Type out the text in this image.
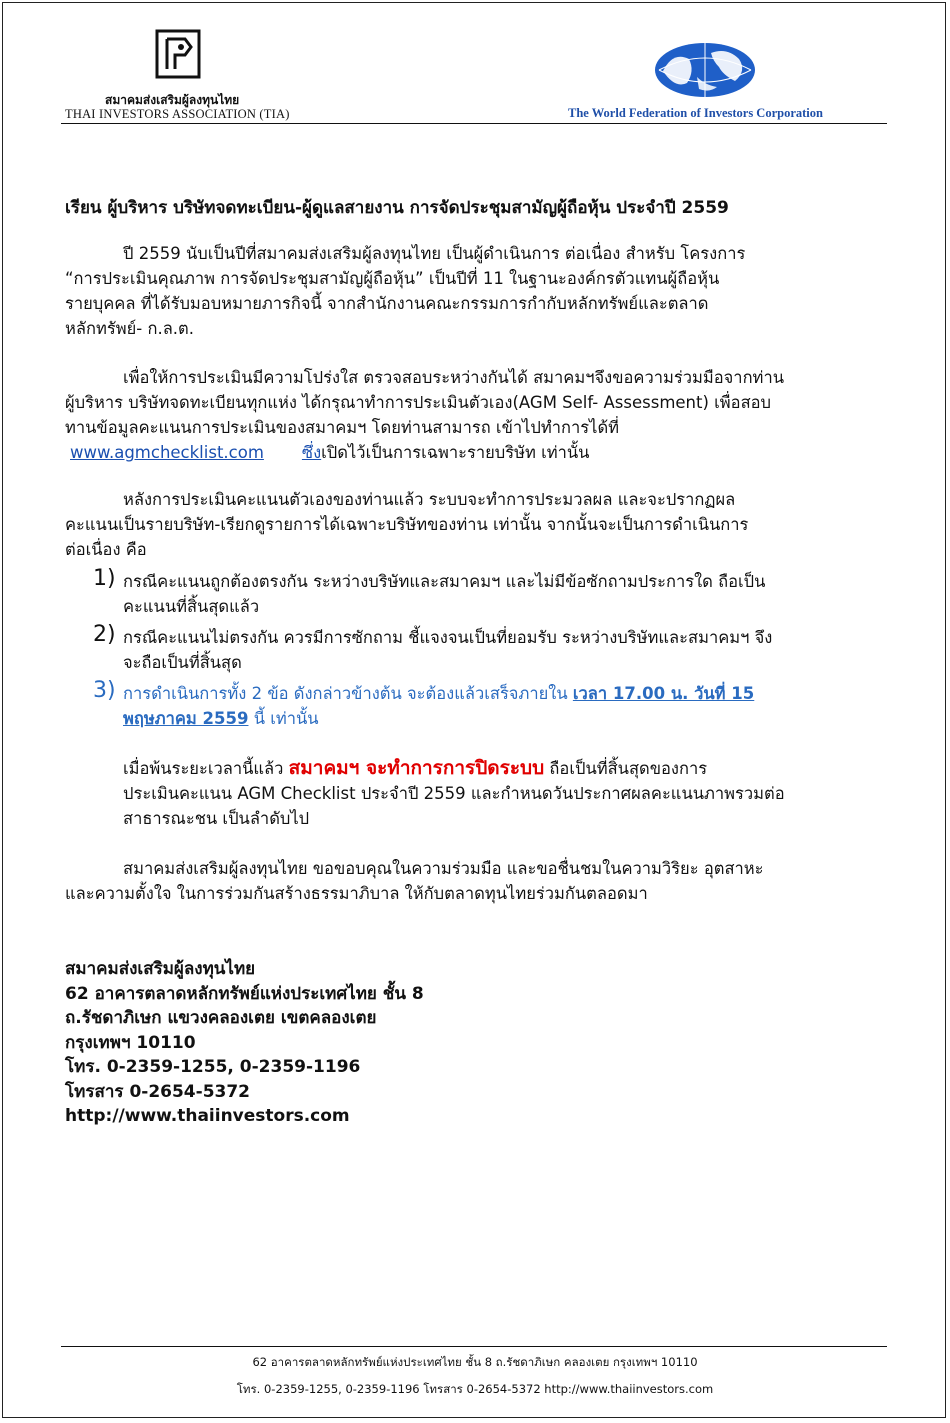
สมาคมส่งเสริมผู้ลงทุนไทย
THAI INVESTORS ASSOCIATION (TIA)	The World Federation of Investors Corporation
เรียน ผู้บริหาร บริษัทจดทะเบียน-ผู้ดูแลสายงาน การจัดประชุมสามัญผู้ถือหุ้น ประจำปี 2559
ปี 2559 นับเป็นปีที่สมาคมส่งเสริมผู้ลงทุนไทย เป็นผู้ดำเนินการ ต่อเนื่อง สำหรับ โครงการ
“การประเมินคุณภาพ การจัดประชุมสามัญผู้ถือหุ้น” เป็นปีที่ 11 ในฐานะองค์กรตัวแทนผู้ถือหุ้น
รายบุคคล ที่ได้รับมอบหมายภารกิจนี้ จากสำนักงานคณะกรรมการกำกับหลักทรัพย์และตลาด
หลักทรัพย์- ก.ล.ต.
เพื่อให้การประเมินมีความโปร่งใส ตรวจสอบระหว่างกันได้ สมาคมฯจึงขอความร่วมมือจากท่าน
ผู้บริหาร บริษัทจดทะเบียนทุกแห่ง ได้กรุณาทำการประเมินตัวเอง(AGM Self- Assessment) เพื่อสอบ
ทานข้อมูลคะแนนการประเมินของสมาคมฯ โดยท่านสามารถ เข้าไปทำการได้ที่
www.agmchecklist.com ซึ่งเปิดไว้เป็นการเฉพาะรายบริษัท เท่านั้น
หลังการประเมินคะแนนตัวเองของท่านแล้ว ระบบจะทำการประมวลผล และจะปรากฏผล
คะแนนเป็นรายบริษัท-เรียกดูรายการได้เฉพาะบริษัทของท่าน เท่านั้น จากนั้นจะเป็นการดำเนินการ
ต่อเนื่อง คือ
1) กรณีคะแนนถูกต้องตรงกัน ระหว่างบริษัทและสมาคมฯ และไม่มีข้อซักถามประการใด ถือเป็น
คะแนนที่สิ้นสุดแล้ว
2) กรณีคะแนนไม่ตรงกัน ควรมีการซักถาม ชี้แจงจนเป็นที่ยอมรับ ระหว่างบริษัทและสมาคมฯ จึง
จะถือเป็นที่สิ้นสุด
3) การดำเนินการทั้ง 2 ข้อ ดังกล่าวข้างต้น จะต้องแล้วเสร็จภายใน เวลา 17.00 น. วันที่ 15
พฤษภาคม 2559 นี้ เท่านั้น
เมื่อพ้นระยะเวลานี้แล้ว สมาคมฯ จะทำการการปิดระบบ ถือเป็นที่สิ้นสุดของการ
ประเมินคะแนน AGM Checklist ประจำปี 2559 และกำหนดวันประกาศผลคะแนนภาพรวมต่อ
สาธารณะชน เป็นลำดับไป
สมาคมส่งเสริมผู้ลงทุนไทย ขอขอบคุณในความร่วมมือ และขอชื่นชมในความวิริยะ อุตสาหะ
และความตั้งใจ ในการร่วมกันสร้างธรรมาภิบาล ให้กับตลาดทุนไทยร่วมกันตลอดมา
สมาคมส่งเสริมผู้ลงทุนไทย
62 อาคารตลาดหลักทรัพย์แห่งประเทศไทย ชั้น 8
ถ.รัชดาภิเษก แขวงคลองเตย เขตคลองเตย
กรุงเทพฯ 10110
โทร. 0-2359-1255, 0-2359-1196
โทรสาร 0-2654-5372
http://www.thaiinvestors.com
62 อาคารตลาดหลักทรัพย์แห่งประเทศไทย ชั้น 8 ถ.รัชดาภิเษก คลองเตย กรุงเทพฯ 10110
โทร. 0-2359-1255, 0-2359-1196 โทรสาร 0-2654-5372 http://www.thaiinvestors.com
